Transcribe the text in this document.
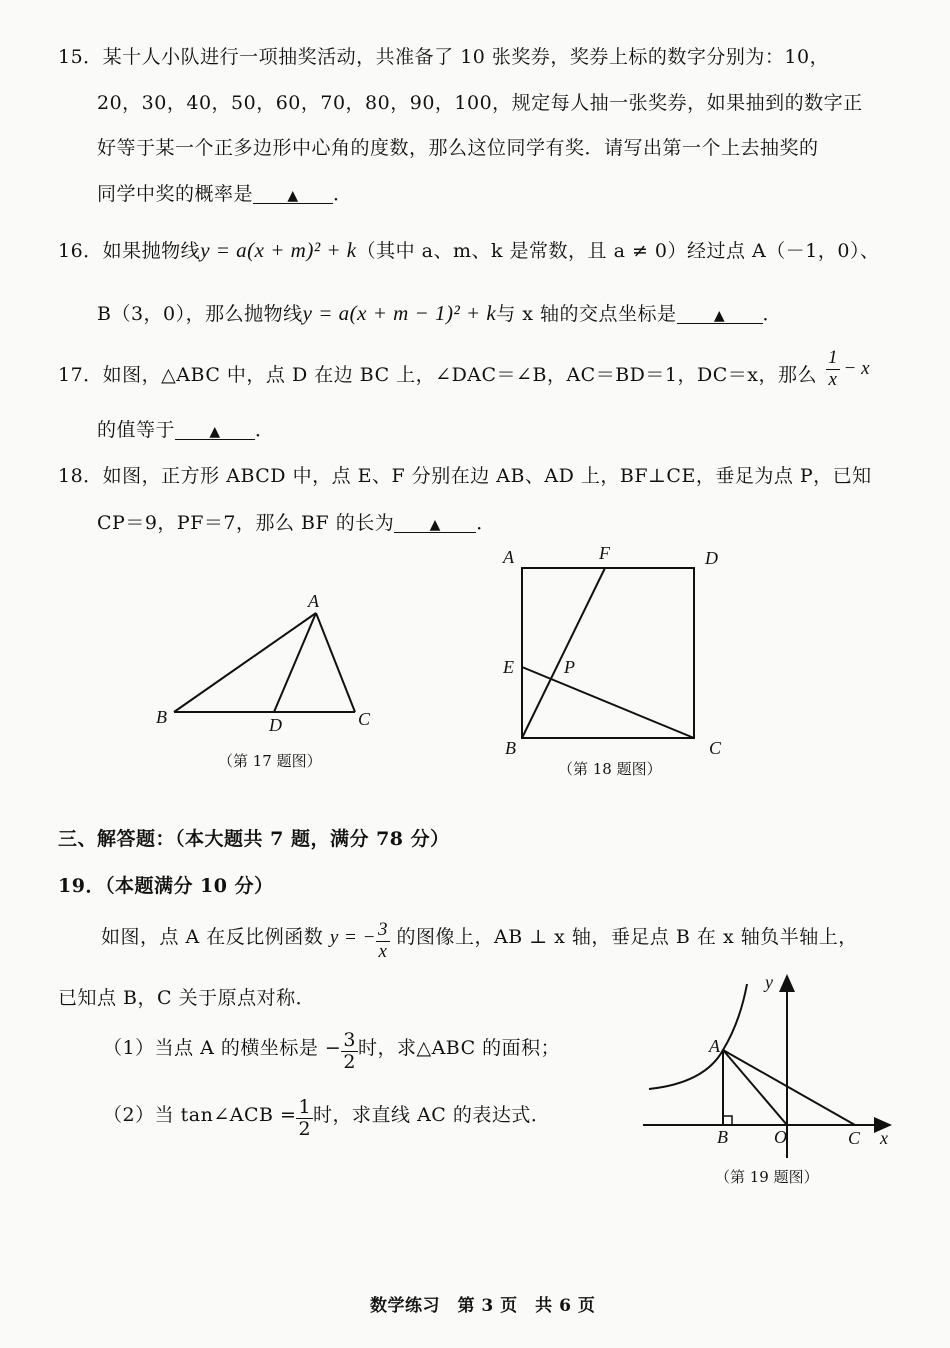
15．某十人小队进行一项抽奖活动，共准备了 10 张奖券，奖券上标的数字分别为：10，
20，30，40，50，60，70，80，90，100，规定每人抽一张奖券，如果抽到的数字正
好等于某一个正多边形中心角的度数，那么这位同学有奖．请写出第一个上去抽奖的
同学中奖的概率是 ▲ ．
16．如果抛物线y = a(x + m)² + k（其中 a、m、k 是常数，且 a ≠ 0）经过点 A（－1，0）、
B（3，0），那么抛物线y = a(x + m − 1)² + k与 x 轴的交点坐标是	▲ ．
17．如图，△ABC 中，点 D 在边 BC 上，∠DAC＝∠B，AC＝BD＝1，DC＝x，那么 $\frac{1}{x} - x$
的值等于 ▲ ．
18．如图，正方形 ABCD 中，点 E、F 分别在边 AB、AD 上，BF⊥CE，垂足为点 P，已知
CP＝9，PF＝7，那么 BF 的长为	▲ ．
A
B	D	C
（第 17 题图）
A	F	D
E	P
B	C
（第 18 题图）
三、解答题：（本大题共 7 题，满分 78 分）
19．（本题满分 10 分）
如图，点 A 在反比例函数 y = − $\frac{3}{x}$ 的图像上，AB ⊥ x 轴，垂足点 B 在 x 轴负半轴上，
已知点 B，C 关于原点对称．
（1）当点 A 的横坐标是 − $\frac{3}{2}$ 时，求△ABC 的面积；
（2）当 tan∠ACB = $\frac{1}{2}$ 时，求直线 AC 的表达式．
y
A
B	O	C x
（第 19 题图）
数学练习　第 3 页　共 6 页
